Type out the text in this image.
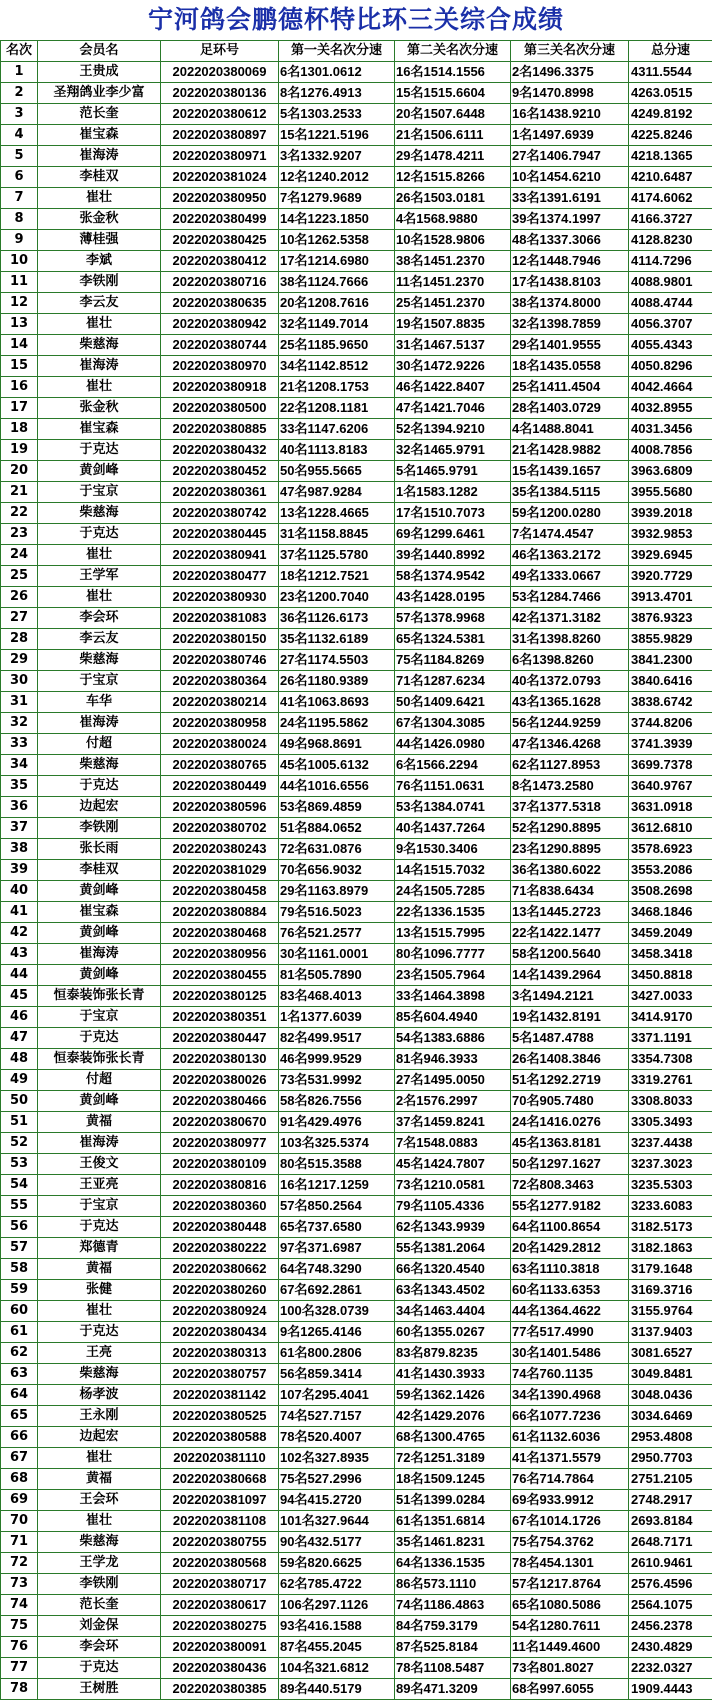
宁河鸽会鹏德杯特比环三关综合成绩
名次	会员名	足环号	第一关名次分速	第二关名次分速	第三关名次分速	总分速
1	王贵成	2022020380069	6名1301.0612	16名1514.1556	2名1496.3375	4311.5544
2	圣翔鸽业李少富	2022020380136	8名1276.4913	15名1515.6604	9名1470.8998	4263.0515
3	范长奎	2022020380612	5名1303.2533	20名1507.6448	16名1438.9210	4249.8192
4	崔宝森	2022020380897	15名1221.5196	21名1506.6111	1名1497.6939	4225.8246
5	崔海涛	2022020380971	3名1332.9207	29名1478.4211	27名1406.7947	4218.1365
6	李桂双	2022020381024	12名1240.2012	12名1515.8266	10名1454.6210	4210.6487
7	崔壮	2022020380950	7名1279.9689	26名1503.0181	33名1391.6191	4174.6062
8	张金秋	2022020380499	14名1223.1850	4名1568.9880	39名1374.1997	4166.3727
9	薄桂强	2022020380425	10名1262.5358	10名1528.9806	48名1337.3066	4128.8230
10	李斌	2022020380412	17名1214.6980	38名1451.2370	12名1448.7946	4114.7296
11	李铁刚	2022020380716	38名1124.7666	11名1451.2370	17名1438.8103	4088.9801
12	李云友	2022020380635	20名1208.7616	25名1451.2370	38名1374.8000	4088.4744
13	崔壮	2022020380942	32名1149.7014	19名1507.8835	32名1398.7859	4056.3707
14	柴慈海	2022020380744	25名1185.9650	31名1467.5137	29名1401.9555	4055.4343
15	崔海涛	2022020380970	34名1142.8512	30名1472.9226	18名1435.0558	4050.8296
16	崔壮	2022020380918	21名1208.1753	46名1422.8407	25名1411.4504	4042.4664
17	张金秋	2022020380500	22名1208.1181	47名1421.7046	28名1403.0729	4032.8955
18	崔宝森	2022020380885	33名1147.6206	52名1394.9210	4名1488.8041	4031.3456
19	于克达	2022020380432	40名1113.8183	32名1465.9791	21名1428.9882	4008.7856
20	黄剑峰	2022020380452	50名955.5665	5名1465.9791	15名1439.1657	3963.6809
21	于宝京	2022020380361	47名987.9284	1名1583.1282	35名1384.5115	3955.5680
22	柴慈海	2022020380742	13名1228.4665	17名1510.7073	59名1200.0280	3939.2018
23	于克达	2022020380445	31名1158.8845	69名1299.6461	7名1474.4547	3932.9853
24	崔壮	2022020380941	37名1125.5780	39名1440.8992	46名1363.2172	3929.6945
25	王学军	2022020380477	18名1212.7521	58名1374.9542	49名1333.0667	3920.7729
26	崔壮	2022020380930	23名1200.7040	43名1428.0195	53名1284.7466	3913.4701
27	李会环	2022020381083	36名1126.6173	57名1378.9968	42名1371.3182	3876.9323
28	李云友	2022020380150	35名1132.6189	65名1324.5381	31名1398.8260	3855.9829
29	柴慈海	2022020380746	27名1174.5503	75名1184.8269	6名1398.8260	3841.2300
30	于宝京	2022020380364	26名1180.9389	71名1287.6234	40名1372.0793	3840.6416
31	车华	2022020380214	41名1063.8693	50名1409.6421	43名1365.1628	3838.6742
32	崔海涛	2022020380958	24名1195.5862	67名1304.3085	56名1244.9259	3744.8206
33	付超	2022020380024	49名968.8691	44名1426.0980	47名1346.4268	3741.3939
34	柴慈海	2022020380765	45名1005.6132	6名1566.2294	62名1127.8953	3699.7378
35	于克达	2022020380449	44名1016.6556	76名1151.0631	8名1473.2580	3640.9767
36	边起宏	2022020380596	53名869.4859	53名1384.0741	37名1377.5318	3631.0918
37	李铁刚	2022020380702	51名884.0652	40名1437.7264	52名1290.8895	3612.6810
38	张长雨	2022020380243	72名631.0876	9名1530.3406	23名1290.8895	3578.6923
39	李桂双	2022020381029	70名656.9032	14名1515.7032	36名1380.6022	3553.2086
40	黄剑峰	2022020380458	29名1163.8979	24名1505.7285	71名838.6434	3508.2698
41	崔宝森	2022020380884	79名516.5023	22名1336.1535	13名1445.2723	3468.1846
42	黄剑峰	2022020380468	76名521.2577	13名1515.7995	22名1422.1477	3459.2049
43	崔海涛	2022020380956	30名1161.0001	80名1096.7777	58名1200.5640	3458.3418
44	黄剑峰	2022020380455	81名505.7890	23名1505.7964	14名1439.2964	3450.8818
45	恒泰装饰张长青	2022020380125	83名468.4013	33名1464.3898	3名1494.2121	3427.0033
46	于宝京	2022020380351	1名1377.6039	85名604.4940	19名1432.8191	3414.9170
47	于克达	2022020380447	82名499.9517	54名1383.6886	5名1487.4788	3371.1191
48	恒泰装饰张长青	2022020380130	46名999.9529	81名946.3933	26名1408.3846	3354.7308
49	付超	2022020380026	73名531.9992	27名1495.0050	51名1292.2719	3319.2761
50	黄剑峰	2022020380466	58名826.7556	2名1576.2997	70名905.7480	3308.8033
51	黄福	2022020380670	91名429.4976	37名1459.8241	24名1416.0276	3305.3493
52	崔海涛	2022020380977	103名325.5374	7名1548.0883	45名1363.8181	3237.4438
53	王俊文	2022020380109	80名515.3588	45名1424.7807	50名1297.1627	3237.3023
54	王亚亮	2022020380816	16名1217.1259	73名1210.0581	72名808.3463	3235.5303
55	于宝京	2022020380360	57名850.2564	79名1105.4336	55名1277.9182	3233.6083
56	于克达	2022020380448	65名737.6580	62名1343.9939	64名1100.8654	3182.5173
57	郑德青	2022020380222	97名371.6987	55名1381.2064	20名1429.2812	3182.1863
58	黄福	2022020380662	64名748.3290	66名1320.4540	63名1110.3818	3179.1648
59	张健	2022020380260	67名692.2861	63名1343.4502	60名1133.6353	3169.3716
60	崔壮	2022020380924	100名328.0739	34名1463.4404	44名1364.4622	3155.9764
61	于克达	2022020380434	9名1265.4146	60名1355.0267	77名517.4990	3137.9403
62	王亮	2022020380313	61名800.2806	83名879.8235	30名1401.5486	3081.6527
63	柴慈海	2022020380757	56名859.3414	41名1430.3933	74名760.1135	3049.8481
64	杨孝波	2022020381142	107名295.4041	59名1362.1426	34名1390.4968	3048.0436
65	王永刚	2022020380525	74名527.7157	42名1429.2076	66名1077.7236	3034.6469
66	边起宏	2022020380588	78名520.4007	68名1300.4765	61名1132.6036	2953.4808
67	崔壮	2022020381110	102名327.8935	72名1251.3189	41名1371.5579	2950.7703
68	黄福	2022020380668	75名527.2996	18名1509.1245	76名714.7864	2751.2105
69	王会环	2022020381097	94名415.2720	51名1399.0284	69名933.9912	2748.2917
70	崔壮	2022020381108	101名327.9644	61名1351.6814	67名1014.1726	2693.8184
71	柴慈海	2022020380755	90名432.5177	35名1461.8231	75名754.3762	2648.7171
72	王学龙	2022020380568	59名820.6625	64名1336.1535	78名454.1301	2610.9461
73	李铁刚	2022020380717	62名785.4722	86名573.1110	57名1217.8764	2576.4596
74	范长奎	2022020380617	106名297.1126	74名1186.4863	65名1080.5086	2564.1075
75	刘金保	2022020380275	93名416.1588	84名759.3179	54名1280.7611	2456.2378
76	李会环	2022020380091	87名455.2045	87名525.8184	11名1449.4600	2430.4829
77	于克达	2022020380436	104名321.6812	78名1108.5487	73名801.8027	2232.0327
78	王树胜	2022020380385	89名440.5179	89名471.3209	68名997.6055	1909.4443
